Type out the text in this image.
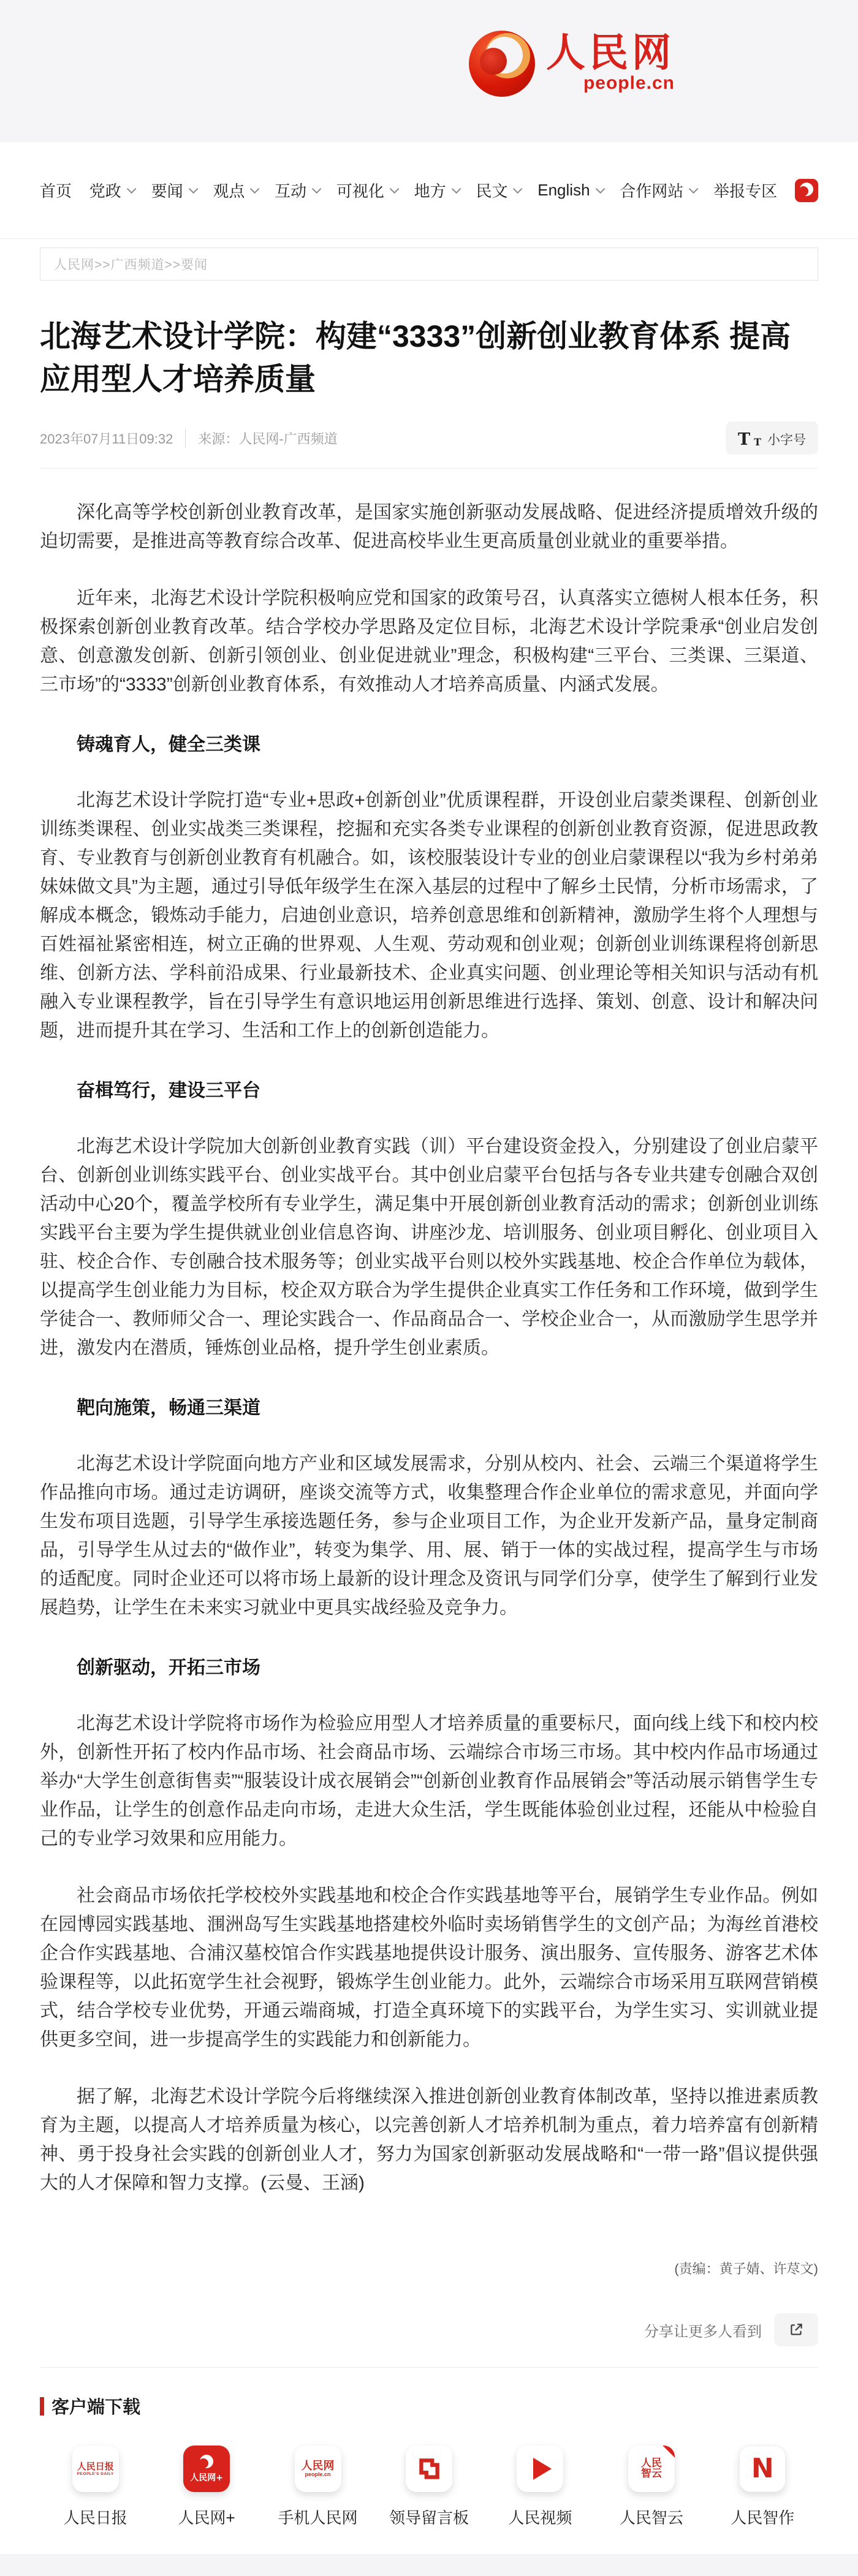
人民网
people.cn
首页 党政 要闻 观点 互动 可视化 地方 民文 English 合作网站 举报专区
人民网>>广西频道>>要闻
北海艺术设计学院：构建“3333”创新创业教育体系 提高应用型人才培养质量
2023年07月11日09:32	来源：人民网-广西频道	T T 小字号

深化高等学校创新创业教育改革，是国家实施创新驱动发展战略、促进经济提质增效升级的迫切需要，是推进高等教育综合改革、促进高校毕业生更高质量创业就业的重要举措。

近年来，北海艺术设计学院积极响应党和国家的政策号召，认真落实立德树人根本任务，积极探索创新创业教育改革。结合学校办学思路及定位目标，北海艺术设计学院秉承“创业启发创意、创意激发创新、创新引领创业、创业促进就业”理念，积极构建“三平台、三类课、三渠道、三市场”的“3333”创新创业教育体系，有效推动人才培养高质量、内涵式发展。

铸魂育人，健全三类课

北海艺术设计学院打造“专业+思政+创新创业”优质课程群，开设创业启蒙类课程、创新创业训练类课程、创业实战类三类课程，挖掘和充实各类专业课程的创新创业教育资源，促进思政教育、专业教育与创新创业教育有机融合。如，该校服装设计专业的创业启蒙课程以“我为乡村弟弟妹妹做文具”为主题，通过引导低年级学生在深入基层的过程中了解乡土民情，分析市场需求，了解成本概念，锻炼动手能力，启迪创业意识，培养创意思维和创新精神，激励学生将个人理想与百姓福祉紧密相连，树立正确的世界观、人生观、劳动观和创业观；创新创业训练课程将创新思维、创新方法、学科前沿成果、行业最新技术、企业真实问题、创业理论等相关知识与活动有机融入专业课程教学，旨在引导学生有意识地运用创新思维进行选择、策划、创意、设计和解决问题，进而提升其在学习、生活和工作上的创新创造能力。

奋楫笃行，建设三平台

北海艺术设计学院加大创新创业教育实践（训）平台建设资金投入，分别建设了创业启蒙平台、创新创业训练实践平台、创业实战平台。其中创业启蒙平台包括与各专业共建专创融合双创活动中心20个，覆盖学校所有专业学生，满足集中开展创新创业教育活动的需求；创新创业训练实践平台主要为学生提供就业创业信息咨询、讲座沙龙、培训服务、创业项目孵化、创业项目入驻、校企合作、专创融合技术服务等；创业实战平台则以校外实践基地、校企合作单位为载体，以提高学生创业能力为目标，校企双方联合为学生提供企业真实工作任务和工作环境，做到学生学徒合一、教师师父合一、理论实践合一、作品商品合一、学校企业合一，从而激励学生思学并进，激发内在潜质，锤炼创业品格，提升学生创业素质。

靶向施策，畅通三渠道

北海艺术设计学院面向地方产业和区域发展需求，分别从校内、社会、云端三个渠道将学生作品推向市场。通过走访调研，座谈交流等方式，收集整理合作企业单位的需求意见，并面向学生发布项目选题，引导学生承接选题任务，参与企业项目工作，为企业开发新产品，量身定制商品，引导学生从过去的“做作业”，转变为集学、用、展、销于一体的实战过程，提高学生与市场的适配度。同时企业还可以将市场上最新的设计理念及资讯与同学们分享，使学生了解到行业发展趋势，让学生在未来实习就业中更具实战经验及竞争力。

创新驱动，开拓三市场

北海艺术设计学院将市场作为检验应用型人才培养质量的重要标尺，面向线上线下和校内校外，创新性开拓了校内作品市场、社会商品市场、云端综合市场三市场。其中校内作品市场通过举办“大学生创意街售卖”“服装设计成衣展销会”“创新创业教育作品展销会”等活动展示销售学生专业作品，让学生的创意作品走向市场，走进大众生活，学生既能体验创业过程，还能从中检验自己的专业学习效果和应用能力。

社会商品市场依托学校校外实践基地和校企合作实践基地等平台，展销学生专业作品。例如在园博园实践基地、涠洲岛写生实践基地搭建校外临时卖场销售学生的文创产品；为海丝首港校企合作实践基地、合浦汉墓校馆合作实践基地提供设计服务、演出服务、宣传服务、游客艺术体验课程等，以此拓宽学生社会视野，锻炼学生创业能力。此外，云端综合市场采用互联网营销模式，结合学校专业优势，开通云端商城，打造全真环境下的实践平台，为学生实习、实训就业提供更多空间，进一步提高学生的实践能力和创新能力。

据了解，北海艺术设计学院今后将继续深入推进创新创业教育体制改革，坚持以推进素质教育为主题，以提高人才培养质量为核心，以完善创新人才培养机制为重点，着力培养富有创新精神、勇于投身社会实践的创新创业人才，努力为国家创新驱动发展战略和“一带一路”倡议提供强大的人才保障和智力支撑。(云曼、王涵)

(责编：黄子婧、许荩文)
分享让更多人看到
客户端下载
人民日报
PEOPLE'S DAILY
人民日报
人民网+
人民网+
人民网
people.cn
手机人民网 领导留言板 人民视频
人民
智云
人民智云
N
人民智作
